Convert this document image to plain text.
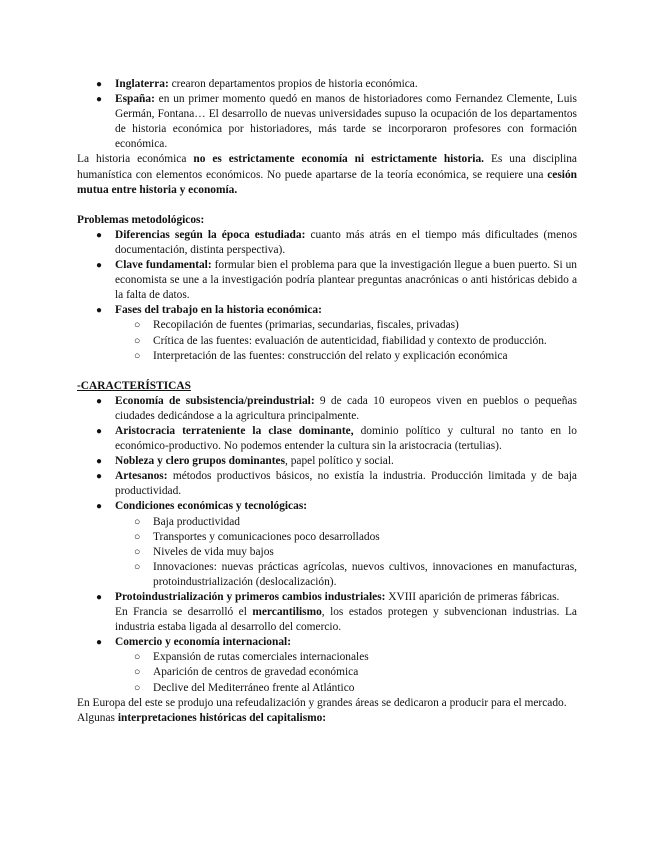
● Inglaterra: crearon departamentos propios de historia económica.
● España: en un primer momento quedó en manos de historiadores como Fernandez Clemente, Luis Germán, Fontana… El desarrollo de nuevas universidades supuso la ocupación de los departamentos de historia económica por historiadores, más tarde se incorporaron profesores con formación económica.

La historia económica no es estrictamente economía ni estrictamente historia. Es una disciplina humanística con elementos económicos. No puede apartarse de la teoría económica, se requiere una cesión mutua entre historia y economía.

Problemas metodológicos:

● Diferencias según la época estudiada: cuanto más atrás en el tiempo más dificultades (menos documentación, distinta perspectiva).
● Clave fundamental: formular bien el problema para que la investigación llegue a buen puerto. Si un economista se une a la investigación podría plantear preguntas anacrónicas o anti históricas debido a la falta de datos.
● Fases del trabajo en la historia económica:
○ Recopilación de fuentes (primarias, secundarias, fiscales, privadas)
○ Crítica de las fuentes: evaluación de autenticidad, fiabilidad y contexto de producción.
○ Interpretación de las fuentes: construcción del relato y explicación económica

-CARACTERÍSTICAS

● Economía de subsistencia/preindustrial: 9 de cada 10 europeos viven en pueblos o pequeñas ciudades dedicándose a la agricultura principalmente.
● Aristocracia terrateniente la clase dominante, dominio político y cultural no tanto en lo económico-productivo. No podemos entender la cultura sin la aristocracia (tertulias).
● Nobleza y clero grupos dominantes, papel político y social.
● Artesanos: métodos productivos básicos, no existía la industria. Producción limitada y de baja productividad.
● Condiciones económicas y tecnológicas:
○ Baja productividad
○ Transportes y comunicaciones poco desarrollados
○ Niveles de vida muy bajos
○ Innovaciones: nuevas prácticas agrícolas, nuevos cultivos, innovaciones en manufacturas, protoindustrialización (deslocalización).
● Protoindustrialización y primeros cambios industriales: XVIII aparición de primeras fábricas.
En Francia se desarrolló el mercantilismo, los estados protegen y subvencionan industrias. La industria estaba ligada al desarrollo del comercio.
● Comercio y economía internacional:
○ Expansión de rutas comerciales internacionales
○ Aparición de centros de gravedad económica
○ Declive del Mediterráneo frente al Atlántico

En Europa del este se produjo una refeudalización y grandes áreas se dedicaron a producir para el mercado.

Algunas interpretaciones históricas del capitalismo:
